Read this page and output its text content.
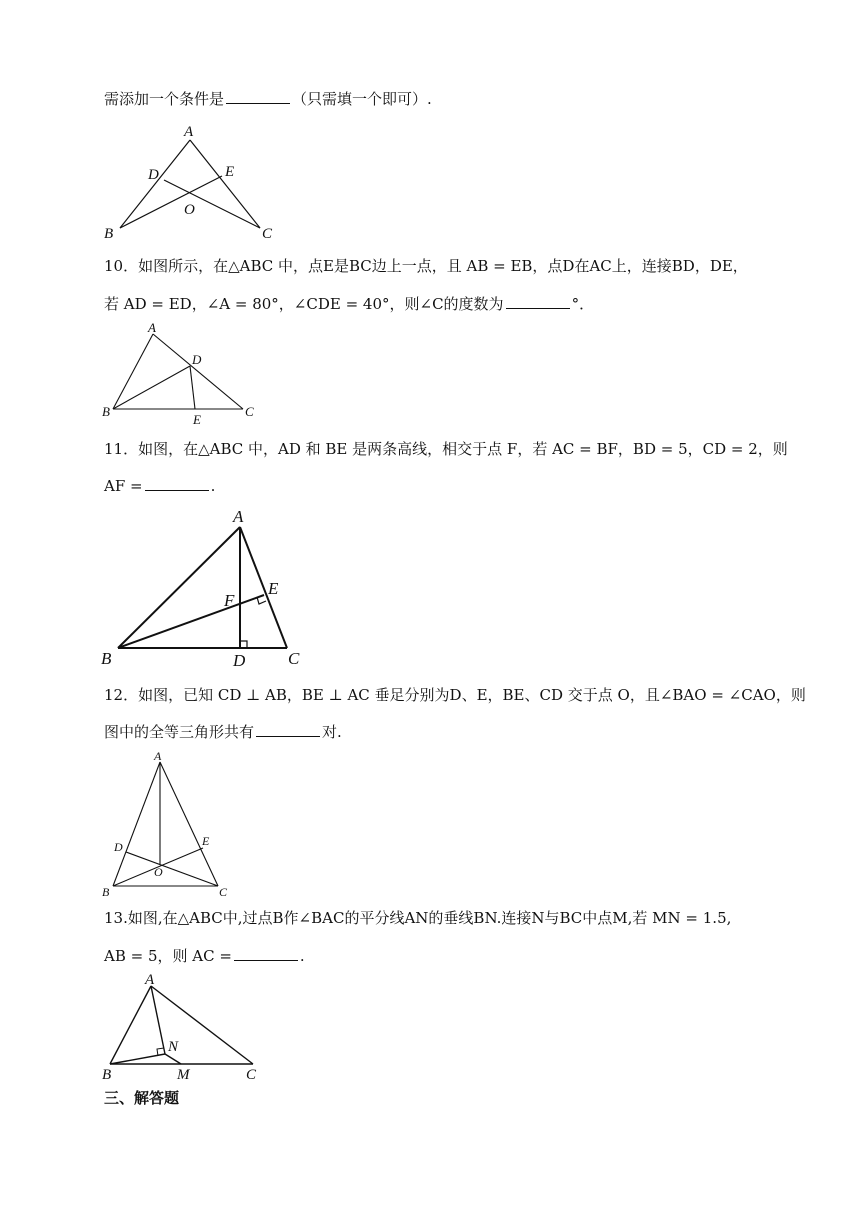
需添加一个条件是	（只需填一个即可）.
A
D	E
O
B	C
10．如图所示，在△ABC 中，点E是BC边上一点，且 AB = EB，点D在AC上，连接BD，DE，
若 AD = ED，∠A = 80°，∠CDE = 40°，则∠C的度数为	°．
A
D
B
E
C
11．如图，在△ABC 中，AD 和 BE 是两条高线，相交于点 F，若 AC = BF，BD = 5，CD = 2，则
AF =	.
A
F
E
B	D	C
12．如图，已知 CD ⊥ AB，BE ⊥ AC 垂足分别为D、E，BE、CD 交于点 O，且∠BAO = ∠CAO，则
图中的全等三角形共有	对.
A
D	E
B
O
C
13.如图,在△ABC中,过点B作∠BAC的平分线AN的垂线BN.连接N与BC中点M,若 MN = 1.5,
AB = 5，则 AC =	.
A
N
B	M	C
三、解答题
